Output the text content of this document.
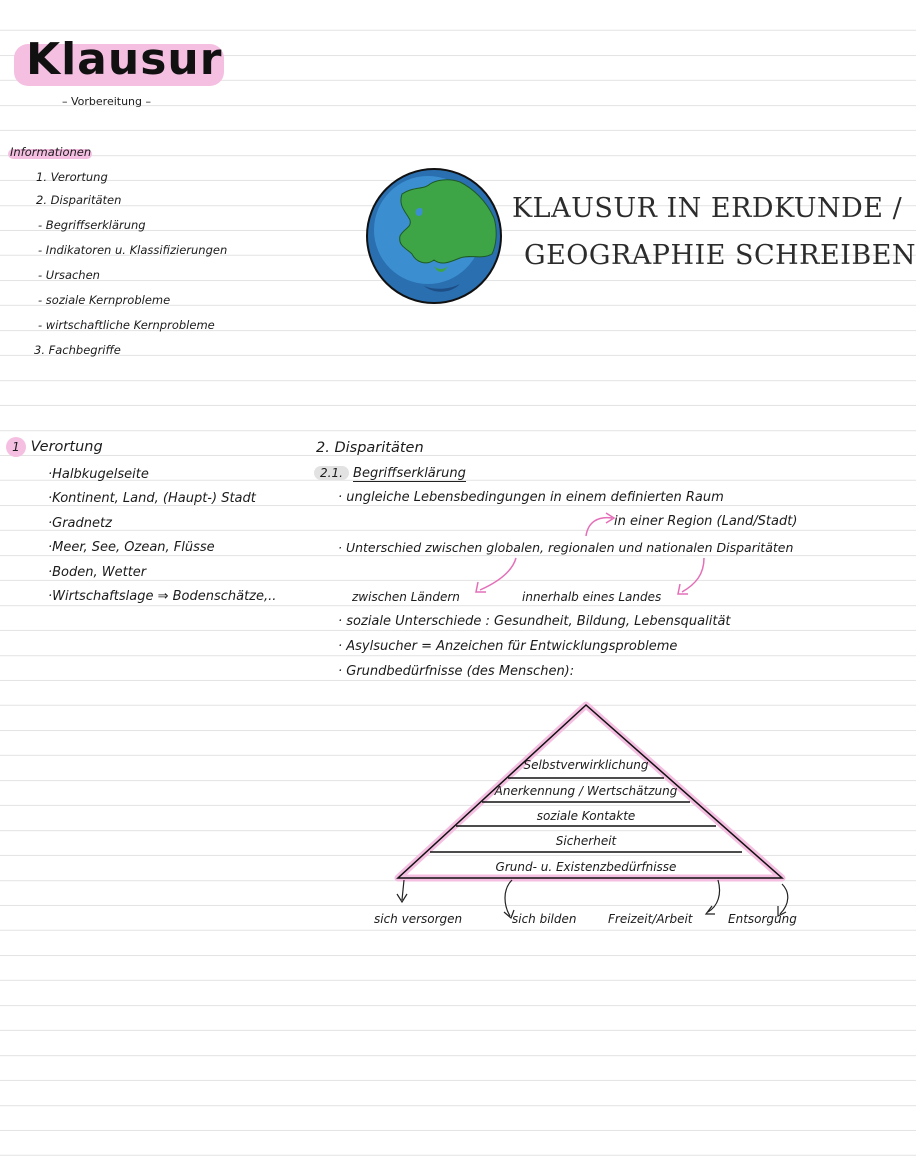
Klausur
– Vorbereitung –
Informationen
1. Verortung
2. Disparitäten
- Begriffserklärung
- Indikatoren u. Klassifizierungen
- Ursachen
- soziale Kernprobleme
- wirtschaftliche Kernprobleme
3. Fachbegriffe
KLAUSUR IN ERDKUNDE /
GEOGRAPHIE SCHREIBEN
1 Verortung
·Halbkugelseite
·Kontinent, Land, (Haupt-) Stadt
·Gradnetz
·Meer, See, Ozean, Flüsse
·Boden, Wetter
·Wirtschaftslage ⇒ Bodenschätze,..
2. Disparitäten
2.1. Begriffserklärung
· ungleiche Lebensbedingungen in einem definierten Raum
in einer Region (Land/Stadt)
· Unterschied zwischen globalen, regionalen und nationalen Disparitäten
zwischen Ländern	innerhalb eines Landes
· soziale Unterschiede : Gesundheit, Bildung, Lebensqualität
· Asylsucher = Anzeichen für Entwicklungsprobleme
· Grundbedürfnisse (des Menschen):
Selbstverwirklichung
Anerkennung / Wertschätzung
soziale Kontakte
Sicherheit
Grund- u. Existenzbedürfnisse
sich versorgen	sich bilden	Freizeit/Arbeit	Entsorgung
